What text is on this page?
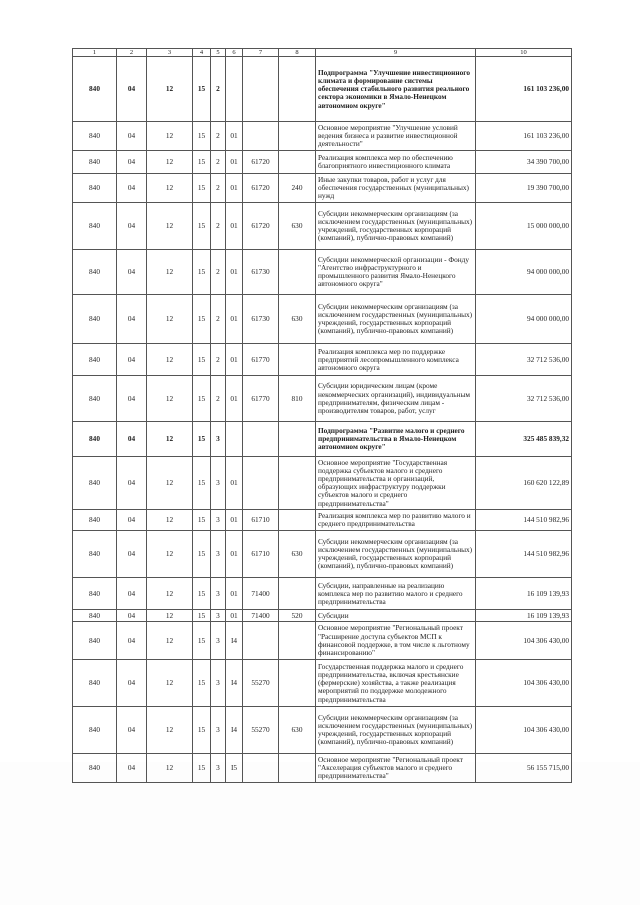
1	2	3	4	5	6	7	8	9	10
840	04	12	15	2				Подпрограмма "Улучшение инвестиционного климата и формирование системы обеспечения стабильного развития реального сектора экономики в Ямало-Ненецком автономном округе"	161 103 236,00
840	04	12	15	2	01			Основное мероприятие "Улучшение условий ведения бизнеса и развитие инвестиционной деятельности"	161 103 236,00
840	04	12	15	2	01	61720		Реализация комплекса мер по обеспечению благоприятного инвестиционного климата	34 390 700,00
840	04	12	15	2	01	61720	240	Иные закупки товаров, работ и услуг для обеспечения государственных (муниципальных) нужд	19 390 700,00
840	04	12	15	2	01	61720	630	Субсидии некоммерческим организациям (за исключением государственных (муниципальных) учреждений, государственных корпораций (компаний), публично-правовых компаний)	15 000 000,00
840	04	12	15	2	01	61730		Субсидии некоммерческой организации - Фонду "Агентство инфраструктурного и промышленного развития Ямало-Ненецкого автономного округа"	94 000 000,00
840	04	12	15	2	01	61730	630	Субсидии некоммерческим организациям (за исключением государственных (муниципальных) учреждений, государственных корпораций (компаний), публично-правовых компаний)	94 000 000,00
840	04	12	15	2	01	61770		Реализация комплекса мер по поддержке предприятий лесопромышленного комплекса автономного округа	32 712 536,00
840	04	12	15	2	01	61770	810	Субсидии юридическим лицам (кроме некоммерческих организаций), индивидуальным предпринимателям, физическим лицам - производителям товаров, работ, услуг	32 712 536,00
840	04	12	15	3				Подпрограмма "Развитие малого и среднего предпринимательства в Ямало-Ненецком автономном округе"	325 485 839,32
840	04	12	15	3	01			Основное мероприятие "Государственная поддержка субъектов малого и среднего предпринимательства и организаций, образующих инфраструктуру поддержки субъектов малого и среднего предпринимательства"	160 620 122,89
840	04	12	15	3	01	61710		Реализация комплекса мер по развитию малого и среднего предпринимательства	144 510 982,96
840	04	12	15	3	01	61710	630	Субсидии некоммерческим организациям (за исключением государственных (муниципальных) учреждений, государственных корпораций (компаний), публично-правовых компаний)	144 510 982,96
840	04	12	15	3	01	71400		Субсидии, направленные на реализацию комплекса мер по развитию малого и среднего предпринимательства	16 109 139,93
840	04	12	15	3	01	71400	520	Субсидии	16 109 139,93
840	04	12	15	3	I4			Основное мероприятие "Региональный проект "Расширение доступа субъектов МСП к финансовой поддержке, в том числе к льготному финансированию"	104 306 430,00
840	04	12	15	3	I4	55270		Государственная поддержка малого и среднего предпринимательства, включая крестьянские (фермерские) хозяйства, а также реализация мероприятий по поддержке молодежного предпринимательства	104 306 430,00
840	04	12	15	3	I4	55270	630	Субсидии некоммерческим организациям (за исключением государственных (муниципальных) учреждений, государственных корпораций (компаний), публично-правовых компаний)	104 306 430,00
840	04	12	15	3	I5			Основное мероприятие "Региональный проект "Акселерация субъектов малого и среднего предпринимательства"	56 155 715,00
